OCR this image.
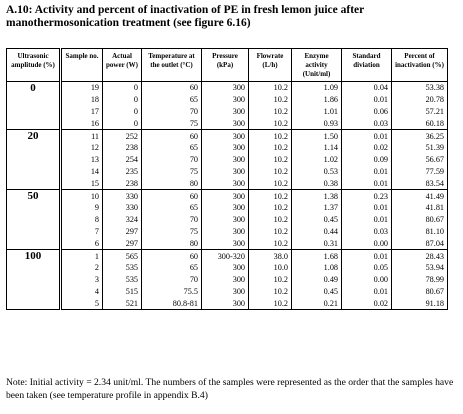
A.10: Activity and percent of inactivation of PE in fresh lemon juice after manothermosonication treatment (see figure 6.16)
Ultrasonic amplitude (%)	Sample no.	Actual power (W)	Temperature at the outlet (°C)	Pressure (kPa)	Flowrate (L/h)	Enzyme activity (Unit/ml)	Standard diviation	Percent of inactivation (%)
0	19	0	60	300	10.2	1.09	0.04	53.38
	18	0	65	300	10.2	1.86	0.01	20.78
	17	0	70	300	10.2	1.01	0.06	57.21
	16	0	75	300	10.2	0.93	0.03	60.18
20	11	252	60	300	10.2	1.50	0.01	36.25
	12	238	65	300	10.2	1.14	0.02	51.39
	13	254	70	300	10.2	1.02	0.09	56.67
	14	235	75	300	10.2	0.53	0.01	77.59
	15	238	80	300	10.2	0.38	0.01	83.54
50	10	330	60	300	10.2	1.38	0.23	41.49
	9	330	65	300	10.2	1.37	0.01	41.81
	8	324	70	300	10.2	0.45	0.01	80.67
	7	297	75	300	10.2	0.44	0.03	81.10
	6	297	80	300	10.2	0.31	0.00	87.04
100	1	565	60	300-320	38.0	1.68	0.01	28.43
	2	535	65	300	10.0	1.08	0.05	53.94
	3	535	70	300	10.2	0.49	0.00	78.99
	4	515	75.5	300	10.2	0.45	0.01	80.67
	5	521	80.8-81	300	10.2	0.21	0.02	91.18
Note: Initial activity = 2.34 unit/ml. The numbers of the samples were represented as the order that the samples have been taken (see temperature profile in appendix B.4)
